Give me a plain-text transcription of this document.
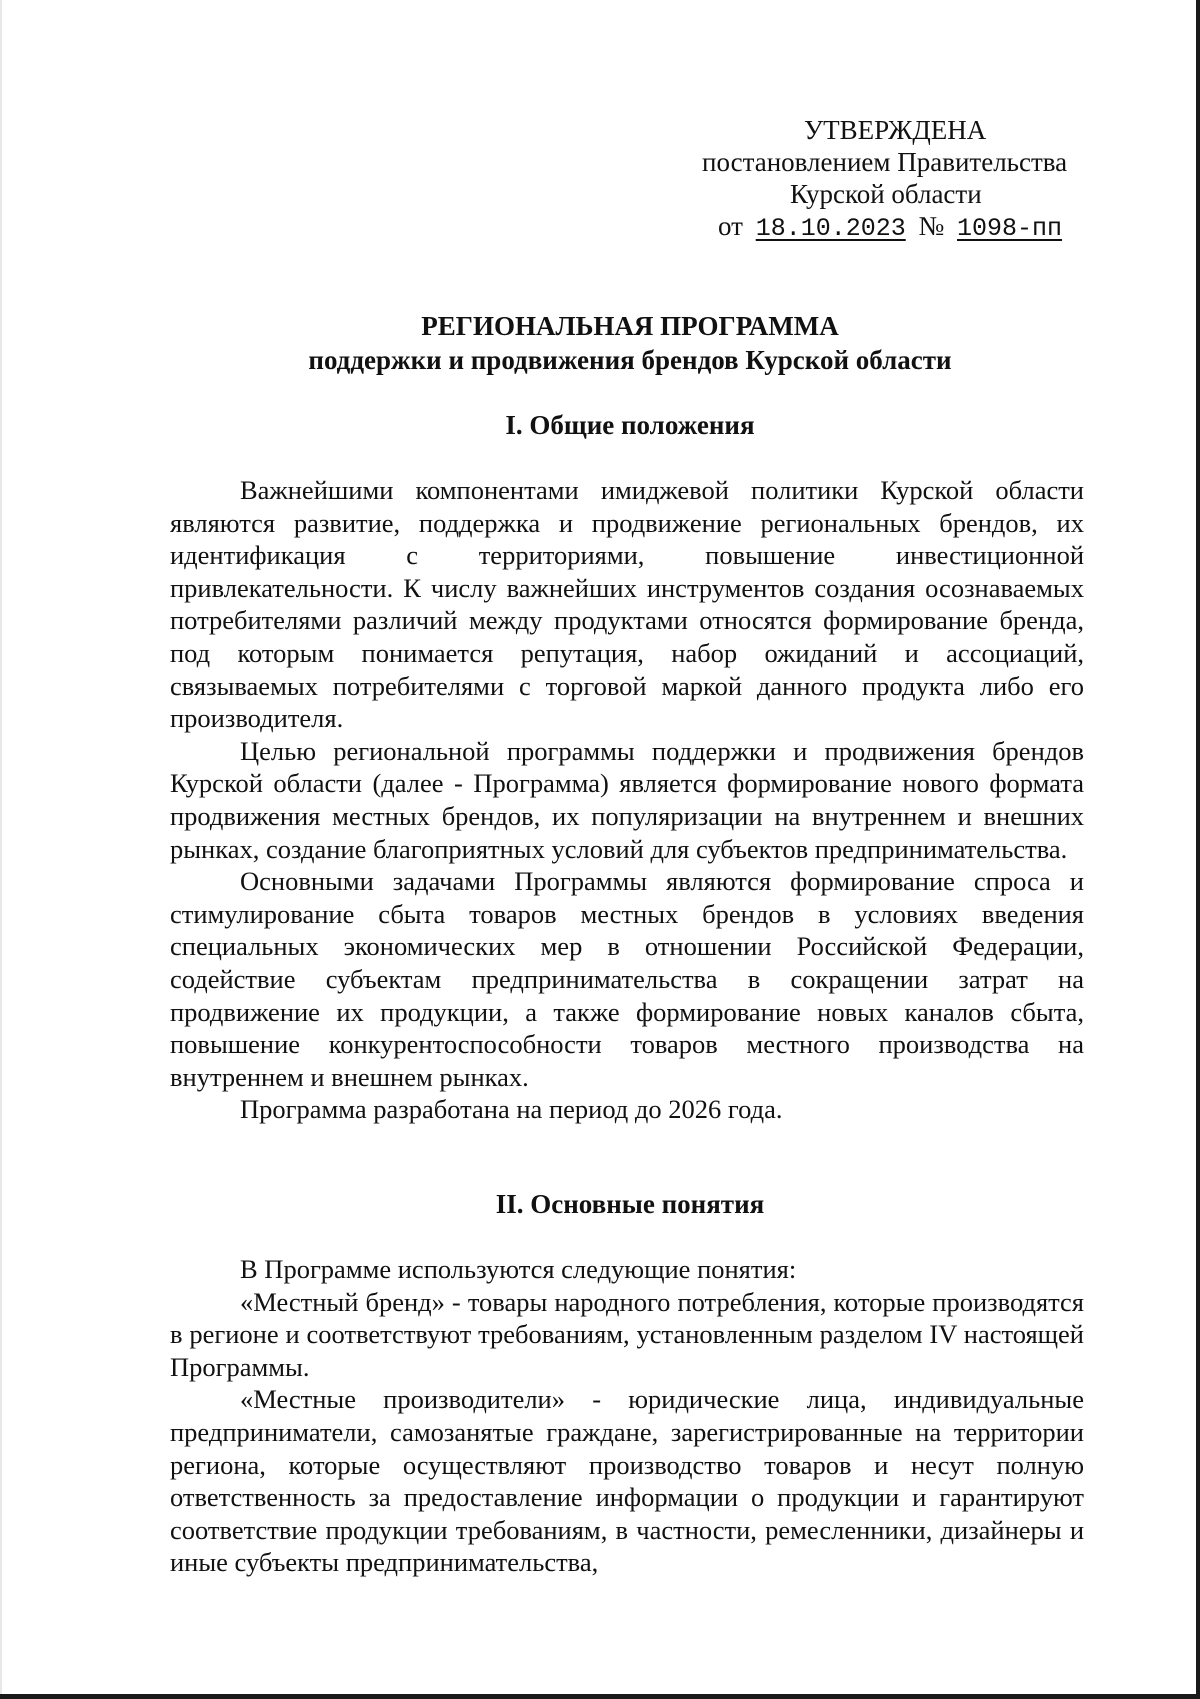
УТВЕРЖДЕНА
постановлением Правительства
Курской области
от 18.10.2023 № 1098-пп
РЕГИОНАЛЬНАЯ ПРОГРАММА
поддержки и продвижения брендов Курской области
I. Общие положения

Важнейшими компонентами имиджевой политики Курской области являются развитие, поддержка и продвижение региональных брендов, их идентификация с территориями, повышение инвестиционной привлекательности. К числу важнейших инструментов создания осознаваемых потребителями различий между продуктами относятся формирование бренда, под которым понимается репутация, набор ожиданий и ассоциаций, связываемых потребителями с торговой маркой данного продукта либо его производителя.

Целью региональной программы поддержки и продвижения брендов Курской области (далее - Программа) является формирование нового формата продвижения местных брендов, их популяризации на внутреннем и внешних рынках, создание благоприятных условий для субъектов предпринимательства.

Основными задачами Программы являются формирование спроса и стимулирование сбыта товаров местных брендов в условиях введения специальных экономических мер в отношении Российской Федерации, содействие субъектам предпринимательства в сокращении затрат на продвижение их продукции, а также формирование новых каналов сбыта, повышение конкурентоспособности товаров местного производства на внутреннем и внешнем рынках.

Программа разработана на период до 2026 года.

II. Основные понятия

В Программе используются следующие понятия:

«Местный бренд» - товары народного потребления, которые производятся в регионе и соответствуют требованиям, установленным разделом IV настоящей Программы.

«Местные производители» - юридические лица, индивидуальные предприниматели, самозанятые граждане, зарегистрированные на территории региона, которые осуществляют производство товаров и несут полную ответственность за предоставление информации о продукции и гарантируют соответствие продукции требованиям, в частности, ремесленники, дизайнеры и иные субъекты предпринимательства,
